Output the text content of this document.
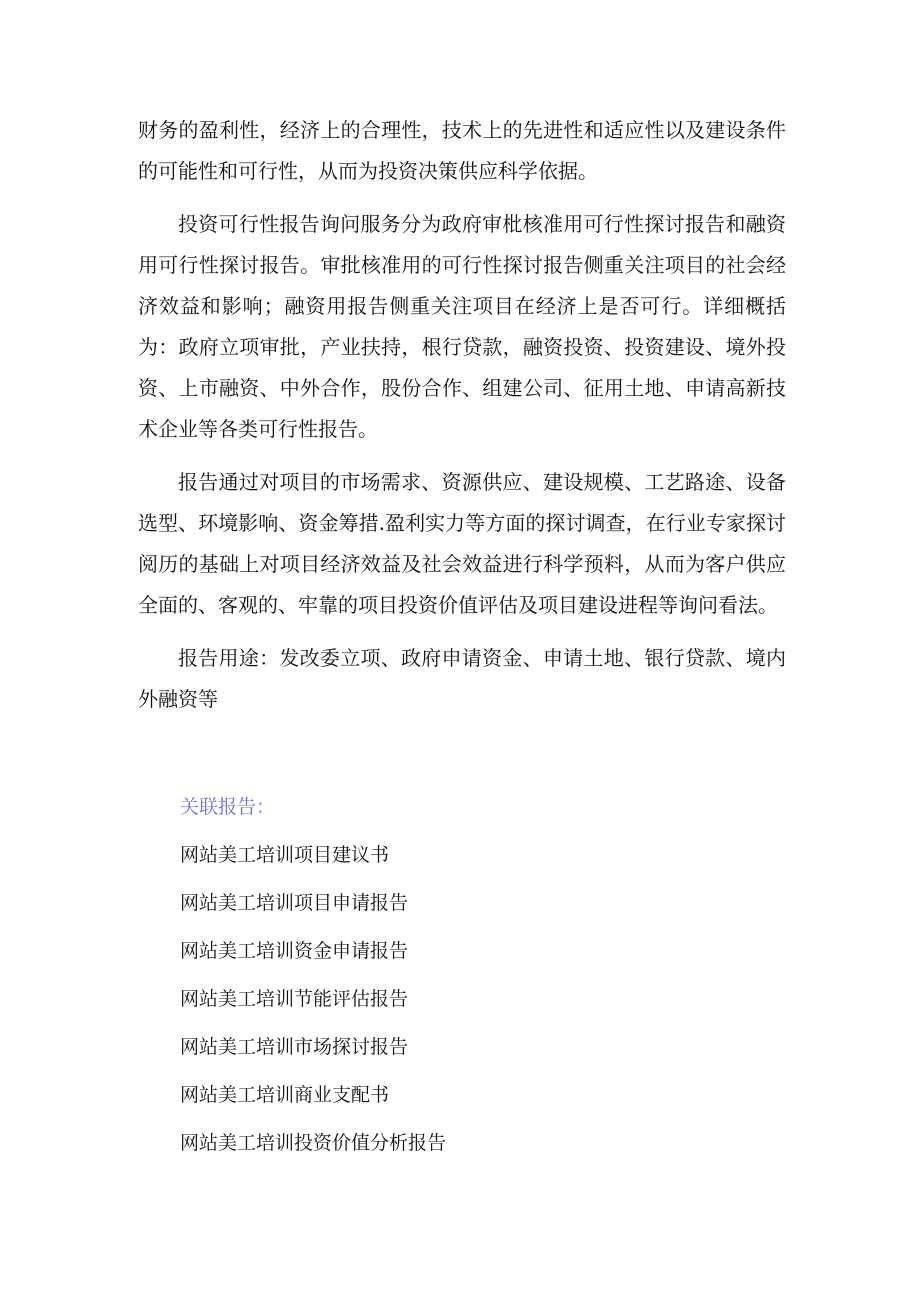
财务的盈利性，经济上的合理性，技术上的先进性和适应性以及建设条件的可能性和可行性，从而为投资决策供应科学依据。

投资可行性报告询问服务分为政府审枇核准用可行性探讨报告和融资用可行性探讨报告。审批核准用的可行性探讨报告侧重关注项目的社会经济效益和影响；融资用报告侧重关注项目在经济上是否可行。详细概括为：政府立项审批，产业扶持，根行贷款，融资投资、投资建设、境外投资、上市融资、中外合作，股份合作、组建公司、征用土地、申请高新技术企业等各类可行性报告。

报告通过对项目的市场需求、资源供应、建设规模、工艺路途、设备选型、环境影响、资金筹措.盈利实力等方面的探讨调查，在行业专家探讨阅历的基础上对项目经济效益及社会效益进行科学预料，从而为客户供应全面的、客观的、牢靠的项目投资价值评估及项目建设进程等询问看法。

报告用途：发改委立项、政府申请资金、申请土地、银行贷款、境内外融资等

关联报告：
网站美工培训项目建议书
网站美工培训项目申请报告
网站美工培训资金申请报告
网站美工培训节能评估报告
网站美工培训市场探讨报告
网站美工培训商业支配书
网站美工培训投资价值分析报告
